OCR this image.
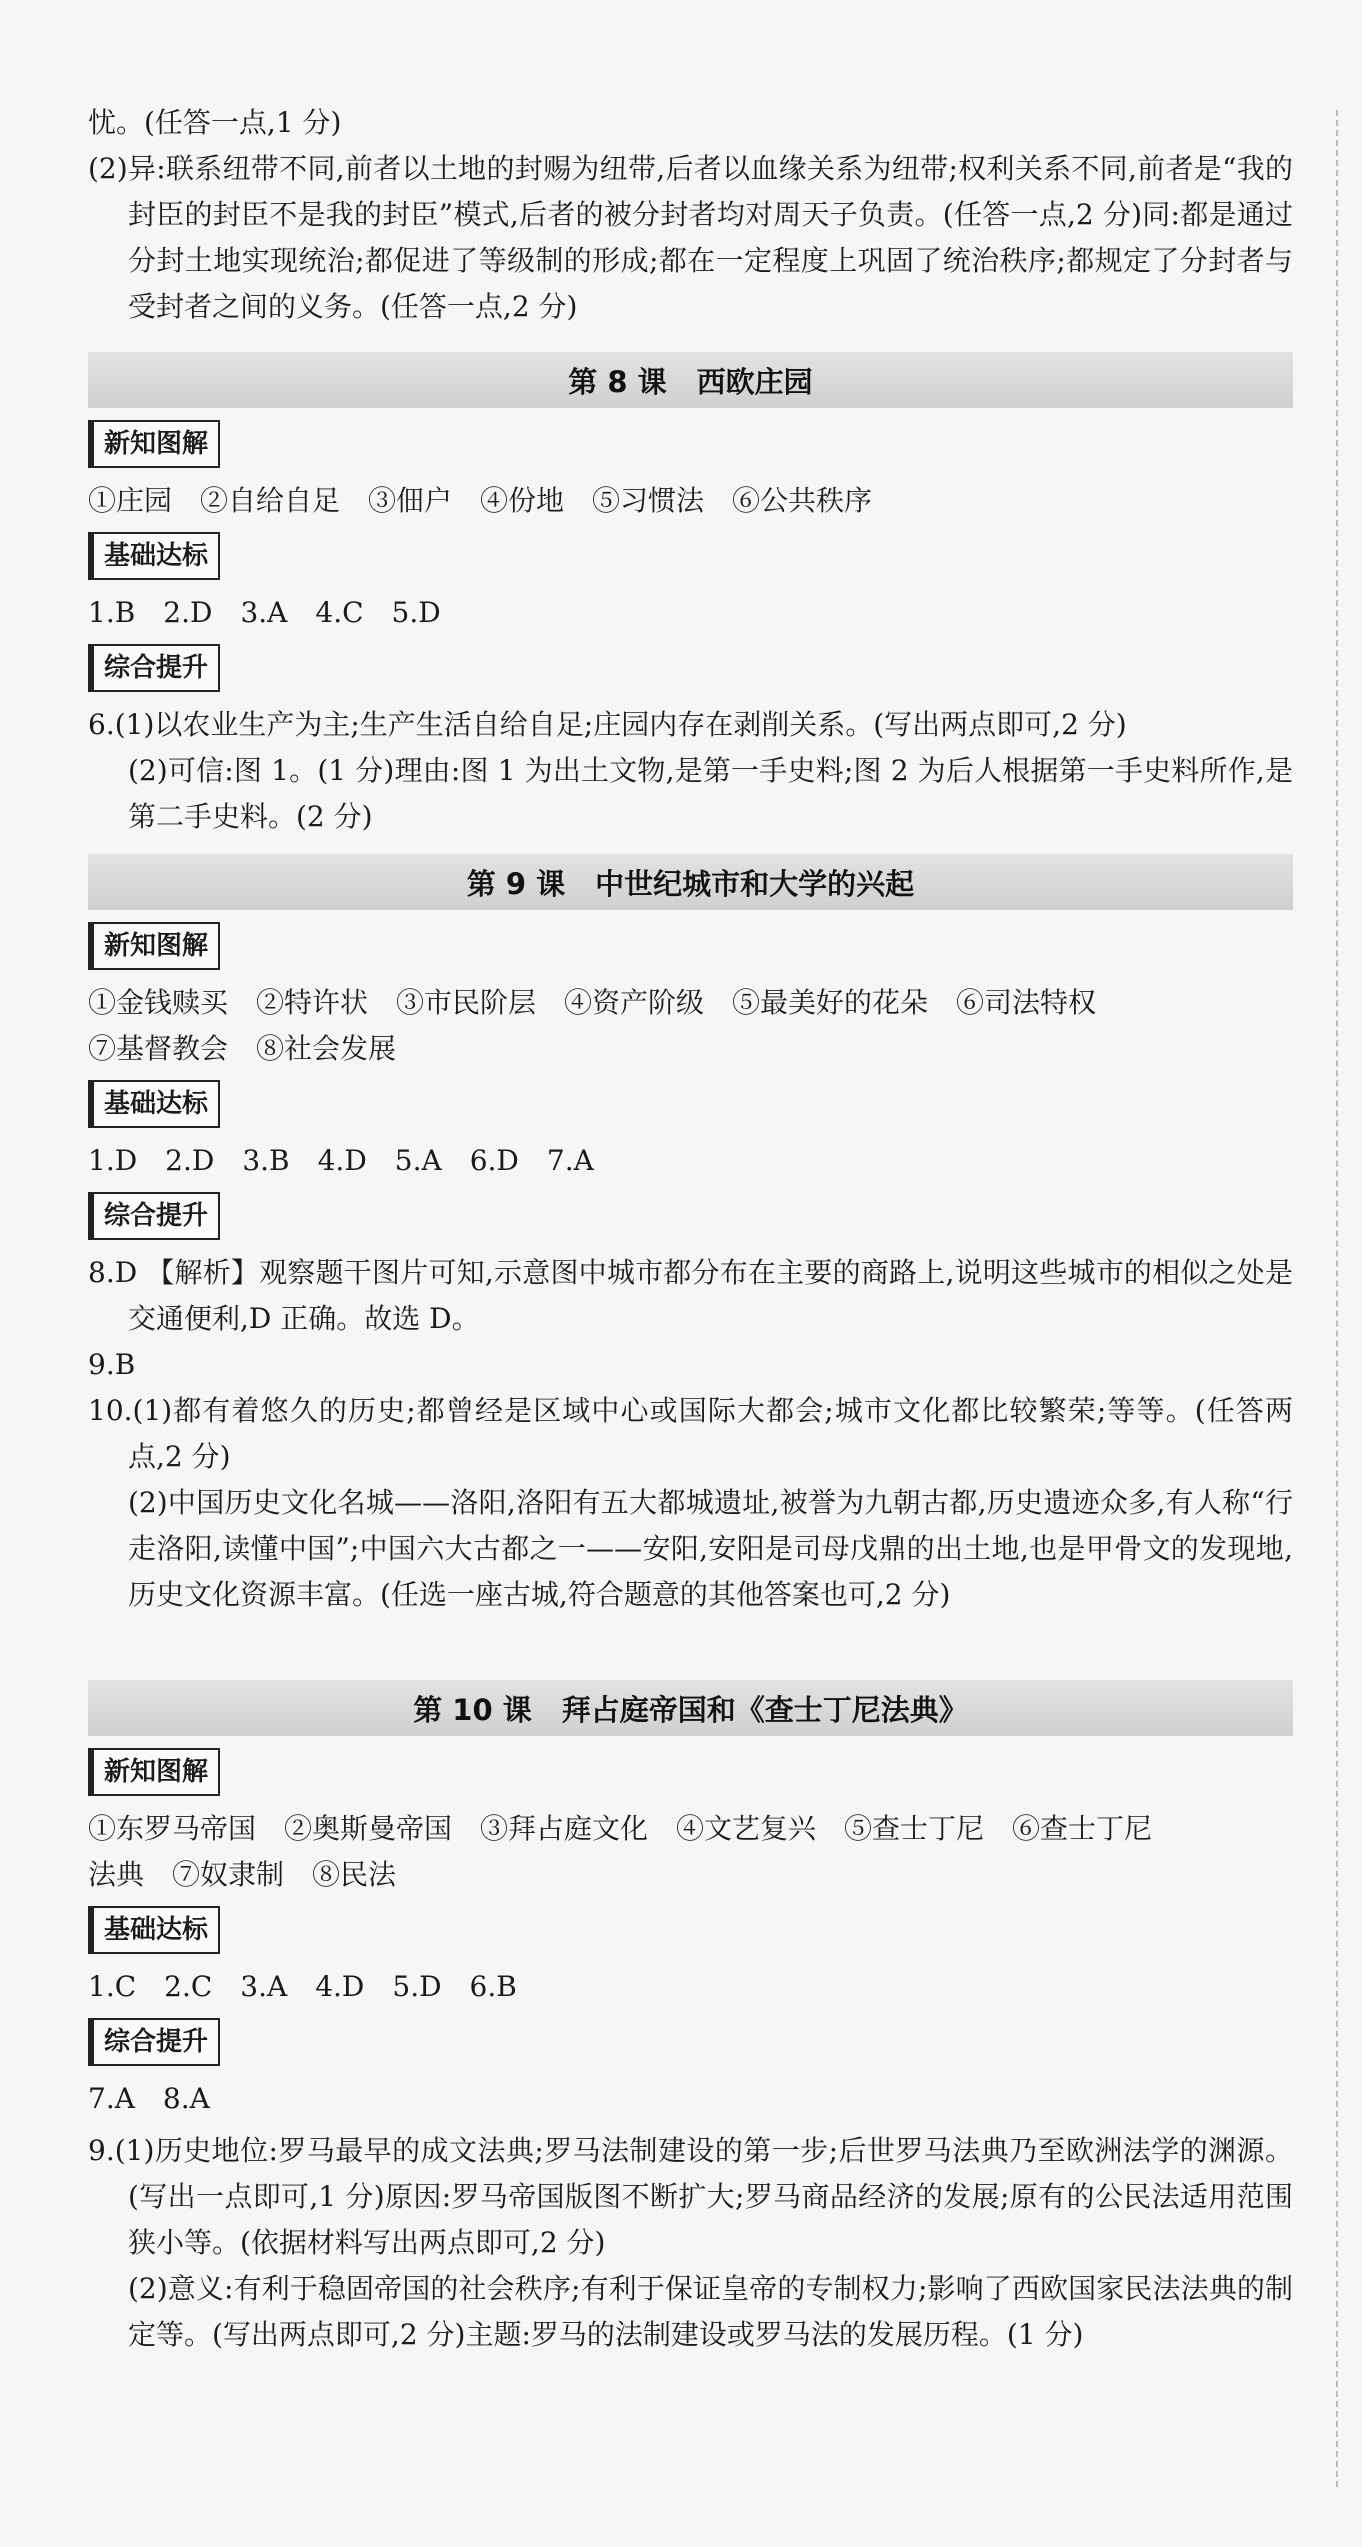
忧。(任答一点,1 分)

(2)异:联系纽带不同,前者以土地的封赐为纽带,后者以血缘关系为纽带;权利关系不同,前者是“我的封臣的封臣不是我的封臣”模式,后者的被分封者均对周天子负责。(任答一点,2 分)同:都是通过分封土地实现统治;都促进了等级制的形成;都在一定程度上巩固了统治秩序;都规定了分封者与受封者之间的义务。(任答一点,2 分)

第 8 课 西欧庄园
新知图解
①庄园　②自给自足　③佃户　④份地　⑤习惯法　⑥公共秩序
基础达标
1.B　2.D　3.A　4.C　5.D
综合提升

6.(1)以农业生产为主;生产生活自给自足;庄园内存在剥削关系。(写出两点即可,2 分)

(2)可信:图 1。(1 分)理由:图 1 为出土文物,是第一手史料;图 2 为后人根据第一手史料所作,是第二手史料。(2 分)

第 9 课 中世纪城市和大学的兴起
新知图解
①金钱赎买　②特许状　③市民阶层　④资产阶级　⑤最美好的花朵　⑥司法特权
⑦基督教会　⑧社会发展
基础达标
1.D　2.D　3.B　4.D　5.A　6.D　7.A
综合提升

8.D 【解析】观察题干图片可知,示意图中城市都分布在主要的商路上,说明这些城市的相似之处是交通便利,D 正确。故选 D。

9.B

10.(1)都有着悠久的历史;都曾经是区域中心或国际大都会;城市文化都比较繁荣;等等。(任答两点,2 分)

(2)中国历史文化名城——洛阳,洛阳有五大都城遗址,被誉为九朝古都,历史遗迹众多,有人称“行走洛阳,读懂中国”;中国六大古都之一——安阳,安阳是司母戊鼎的出土地,也是甲骨文的发现地,历史文化资源丰富。(任选一座古城,符合题意的其他答案也可,2 分)

第 10 课 拜占庭帝国和《查士丁尼法典》
新知图解
①东罗马帝国　②奥斯曼帝国　③拜占庭文化　④文艺复兴　⑤查士丁尼　⑥查士丁尼
法典　⑦奴隶制　⑧民法
基础达标
1.C　2.C　3.A　4.D　5.D　6.B
综合提升
7.A　8.A

9.(1)历史地位:罗马最早的成文法典;罗马法制建设的第一步;后世罗马法典乃至欧洲法学的渊源。(写出一点即可,1 分)原因:罗马帝国版图不断扩大;罗马商品经济的发展;原有的公民法适用范围狭小等。(依据材料写出两点即可,2 分)

(2)意义:有利于稳固帝国的社会秩序;有利于保证皇帝的专制权力;影响了西欧国家民法法典的制定等。(写出两点即可,2 分)主题:罗马的法制建设或罗马法的发展历程。(1 分)
